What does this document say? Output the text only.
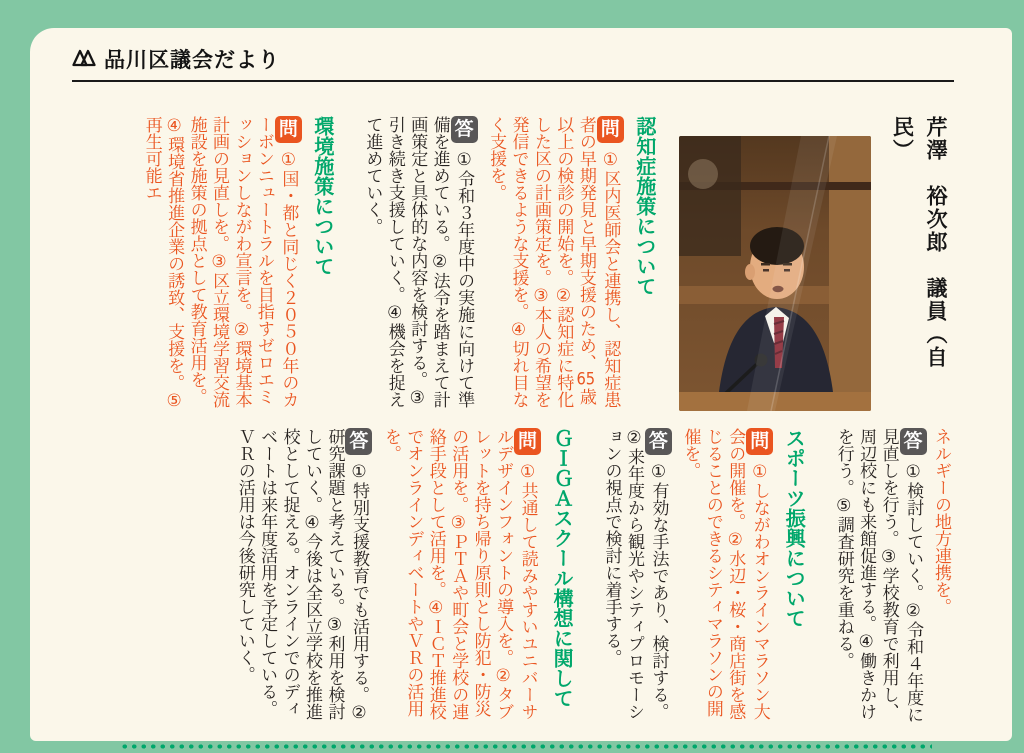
品川区議会だより

芹澤　裕次郎　議員（自　民）

認知症施策について

問①区内医師会と連携し、認知症患者の早期発見と早期支援のため、65歳以上の検診の開始を。②認知症に特化した区の計画策定を。③本人の希望を発信できるような支援を。④切れ目なく支援を。

答①令和３年度中の実施に向けて準備を進めている。②法令を踏まえて計画策定と具体的な内容を検討する。③引き続き支援していく。④機会を捉えて進めていく。

環境施策について

問①国・都と同じく２０５０年のカーボンニュートラルを目指すゼロエミッションしながわ宣言を。②環境基本計画の見直しを。③区立環境学習交流施設を施策の拠点として教育活用を。④環境省推進企業の誘致、支援を。⑤再生可能エ

ネルギーの地方連携を。

答①検討していく。②令和４年度に見直しを行う。③学校教育で利用し、周辺校にも来館促進する。④働きかけを行う。⑤調査研究を重ねる。

スポーツ振興について

問①しながわオンラインマラソン大会の開催を。②水辺・桜・商店街を感じることのできるシティマラソンの開催を。

答①有効な手法であり、検討する。②来年度から観光やシティプロモーションの視点で検討に着手する。

ＧＩＧＡスクール構想に関して

問①共通して読みやすいユニバーサルデザインフォントの導入を。②タブレットを持ち帰り原則とし防犯・防災の活用を。③ＰＴＡや町会と学校の連絡手段として活用を。④ＩＣＴ推進校でオンラインディベートやＶＲの活用を。

答①特別支援教育でも活用する。②研究課題と考えている。③利用を検討していく。④今後は全区立学校を推進校として捉える。オンラインでのディベートは来年度活用を予定している。ＶＲの活用は今後研究していく。
